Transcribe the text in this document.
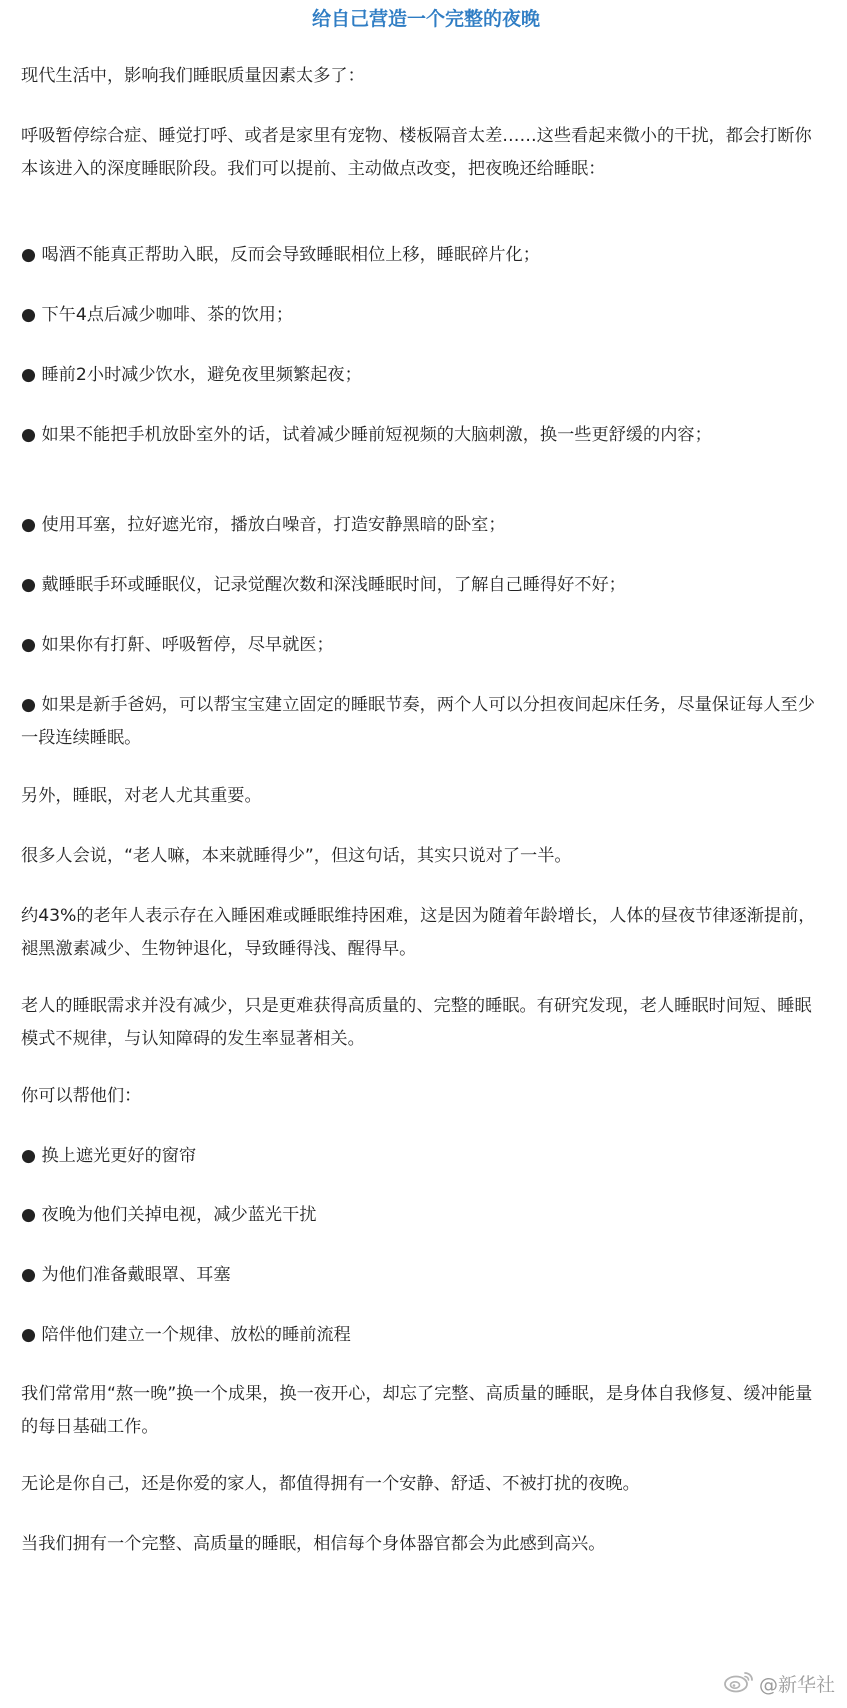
给自己营造一个完整的夜晚

现代生活中，影响我们睡眠质量因素太多了：

呼吸暂停综合症、睡觉打呼、或者是家里有宠物、楼板隔音太差……这些看起来微小的干扰，都会打断你本该进入的深度睡眠阶段。我们可以提前、主动做点改变，把夜晚还给睡眠：

● 喝酒不能真正帮助入眠，反而会导致睡眠相位上移，睡眠碎片化；

● 下午4点后减少咖啡、茶的饮用；

● 睡前2小时减少饮水，避免夜里频繁起夜；

● 如果不能把手机放卧室外的话，试着减少睡前短视频的大脑刺激，换一些更舒缓的内容；

● 使用耳塞，拉好遮光帘，播放白噪音，打造安静黑暗的卧室；

● 戴睡眠手环或睡眠仪，记录觉醒次数和深浅睡眠时间，了解自己睡得好不好；

● 如果你有打鼾、呼吸暂停，尽早就医；

● 如果是新手爸妈，可以帮宝宝建立固定的睡眠节奏，两个人可以分担夜间起床任务，尽量保证每人至少一段连续睡眠。

另外，睡眠，对老人尤其重要。

很多人会说，“老人嘛，本来就睡得少”，但这句话，其实只说对了一半。

约43%的老年人表示存在入睡困难或睡眠维持困难，这是因为随着年龄增长，人体的昼夜节律逐渐提前，褪黑激素减少、生物钟退化，导致睡得浅、醒得早。

老人的睡眠需求并没有减少，只是更难获得高质量的、完整的睡眠。有研究发现，老人睡眠时间短、睡眠模式不规律，与认知障碍的发生率显著相关。

你可以帮他们：

● 换上遮光更好的窗帘

● 夜晚为他们关掉电视，减少蓝光干扰

● 为他们准备戴眼罩、耳塞

● 陪伴他们建立一个规律、放松的睡前流程

我们常常用“熬一晚”换一个成果，换一夜开心，却忘了完整、高质量的睡眠，是身体自我修复、缓冲能量的每日基础工作。

无论是你自己，还是你爱的家人，都值得拥有一个安静、舒适、不被打扰的夜晚。

当我们拥有一个完整、高质量的睡眠，相信每个身体器官都会为此感到高兴。

@新华社
